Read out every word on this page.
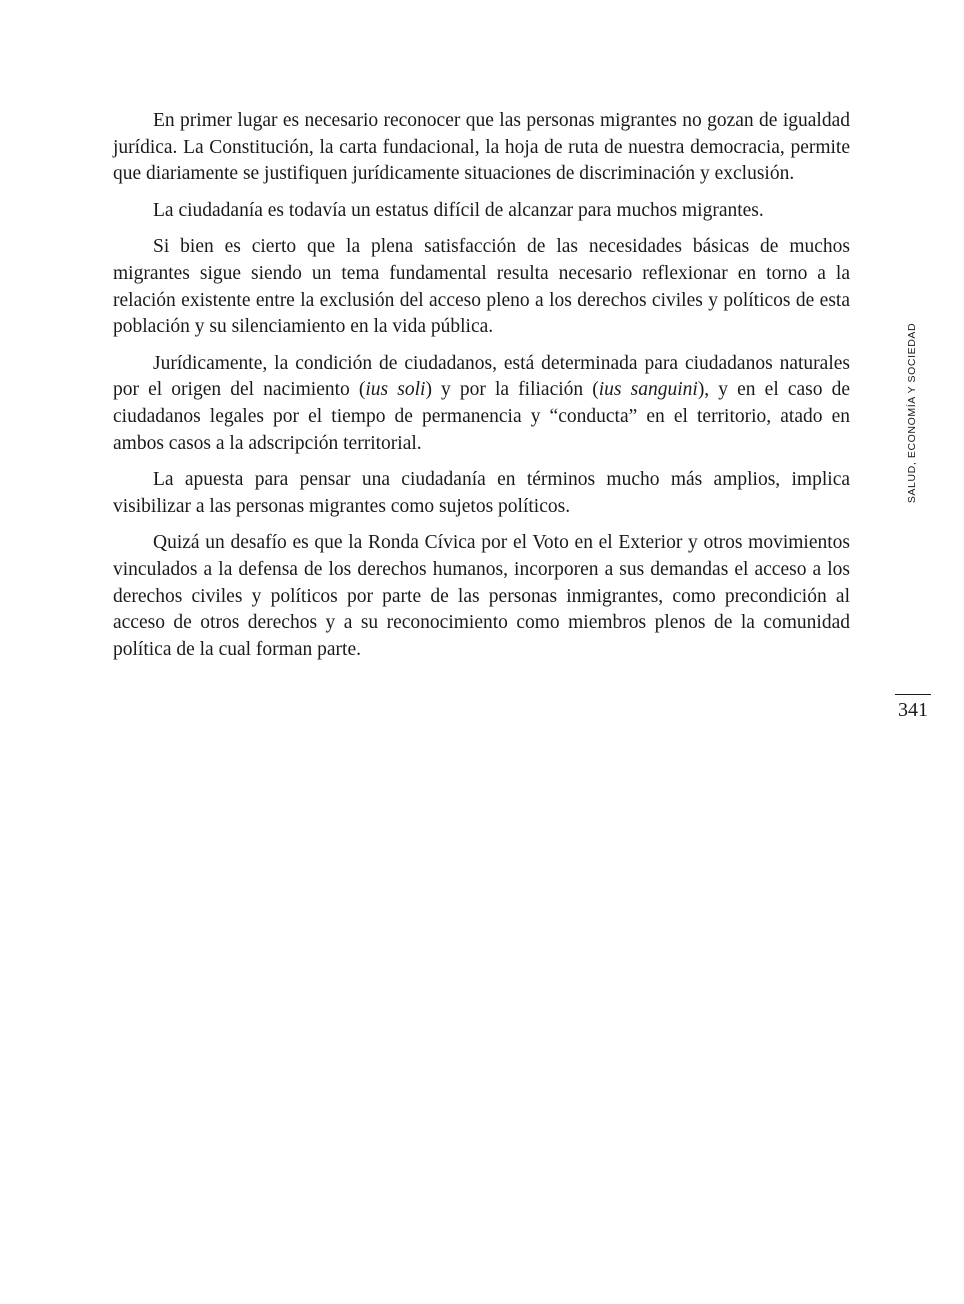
En primer lugar es necesario reconocer que las personas migrantes no gozan de igualdad jurídica. La Constitución, la carta fundacional, la hoja de ruta de nuestra democracia, permite que diariamente se justifiquen jurídicamente situaciones de discriminación y exclusión.

La ciudadanía es todavía un estatus difícil de alcanzar para muchos migrantes.

Si bien es cierto que la plena satisfacción de las necesidades básicas de muchos migrantes sigue siendo un tema fundamental resulta necesario reflexionar en torno a la relación existente entre la exclusión del acceso pleno a los derechos civiles y políticos de esta población y su silenciamiento en la vida pública.

Jurídicamente, la condición de ciudadanos, está determinada para ciudadanos naturales por el origen del nacimiento (ius soli) y por la filiación (ius sanguini), y en el caso de ciudadanos legales por el tiempo de permanencia y “conducta” en el territorio, atado en ambos casos a la adscripción territorial.

La apuesta para pensar una ciudadanía en términos mucho más amplios, implica visibilizar a las personas migrantes como sujetos políticos.

Quizá un desafío es que la Ronda Cívica por el Voto en el Exterior y otros movimientos vinculados a la defensa de los derechos humanos, incorporen a sus demandas el acceso a los derechos civiles y políticos por parte de las personas inmigrantes, como precondición al acceso de otros derechos y a su reconocimiento como miembros plenos de la comunidad política de la cual forman parte.

SALUD, ECONOMÍA Y SOCIEDAD
341
